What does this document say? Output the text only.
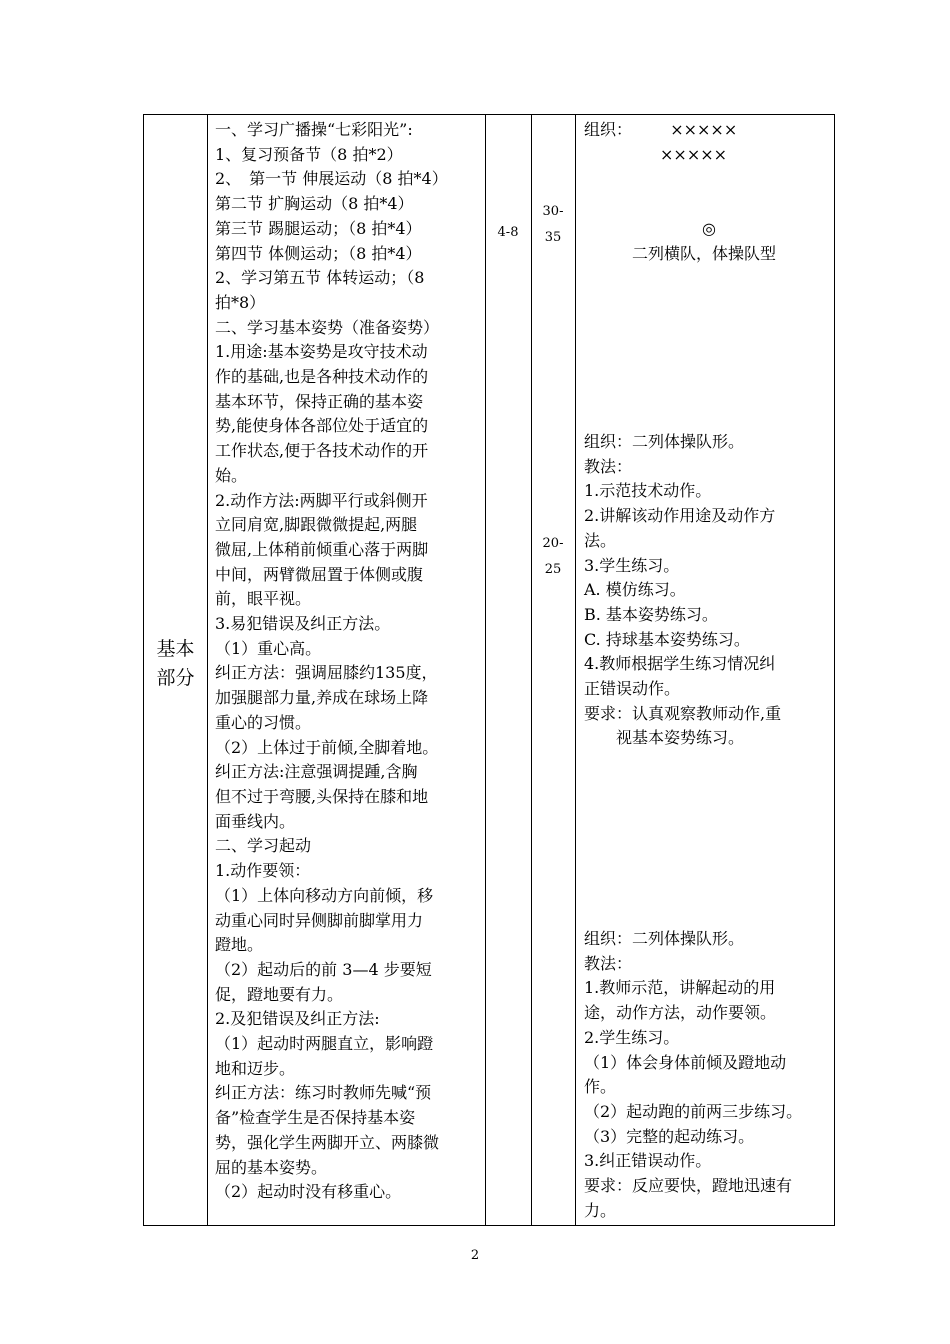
基本
部分
一、学习广播操“七彩阳光”:
1、复习预备节（8 拍*2）
2、　第一节 伸展运动（8 拍*4）
第二节 扩胸运动（8 拍*4）
第三节 踢腿运动；（8 拍*4）
第四节 体侧运动；（8 拍*4）
2、学习第五节 体转运动；（8
拍*8）
二、学习基本姿势（准备姿势）
1.用途:基本姿势是攻守技术动
作的基础,也是各种技术动作的
基本环节，保持正确的基本姿
势,能使身体各部位处于适宜的
工作状态,便于各技术动作的开
始。
2.动作方法:两脚平行或斜侧开
立同肩宽,脚跟微微提起,两腿
微屈,上体稍前倾重心落于两脚
中间，两臂微屈置于体侧或腹
前，眼平视。
3.易犯错误及纠正方法。
（1）重心高。
纠正方法：强调屈膝约135度，
加强腿部力量,养成在球场上降
重心的习惯。
（2）上体过于前倾,全脚着地。
纠正方法:注意强调提踵,含胸
但不过于弯腰,头保持在膝和地
面垂线内。
二、学习起动
1.动作要领：
（1）上体向移动方向前倾，移
动重心同时异侧脚前脚掌用力
蹬地。
（2）起动后的前 3—4 步要短
促，蹬地要有力。
2.及犯错误及纠正方法:
（1）起动时两腿直立，影响蹬
地和迈步。
纠正方法：练习时教师先喊“预
备”检查学生是否保持基本姿
势，强化学生两脚开立、两膝微
屈的基本姿势。
（2）起动时没有移重心。
4-8
30-
35
20-
25
组织： ×××××
×××××
◎
二列横队，体操队型
组织：二列体操队形。
教法：
1.示范技术动作。
2.讲解该动作用途及动作方
法。
3.学生练习。
A. 模仿练习。
B. 基本姿势练习。
C. 持球基本姿势练习。
4.教师根据学生练习情况纠
正错误动作。
要求：认真观察教师动作,重
　　视基本姿势练习。
组织：二列体操队形。
教法：
1.教师示范，讲解起动的用
途，动作方法，动作要领。
2.学生练习。
（1）体会身体前倾及蹬地动
作。
（2）起动跑的前两三步练习。
（3）完整的起动练习。
3.纠正错误动作。
要求：反应要快，蹬地迅速有
力。
2
